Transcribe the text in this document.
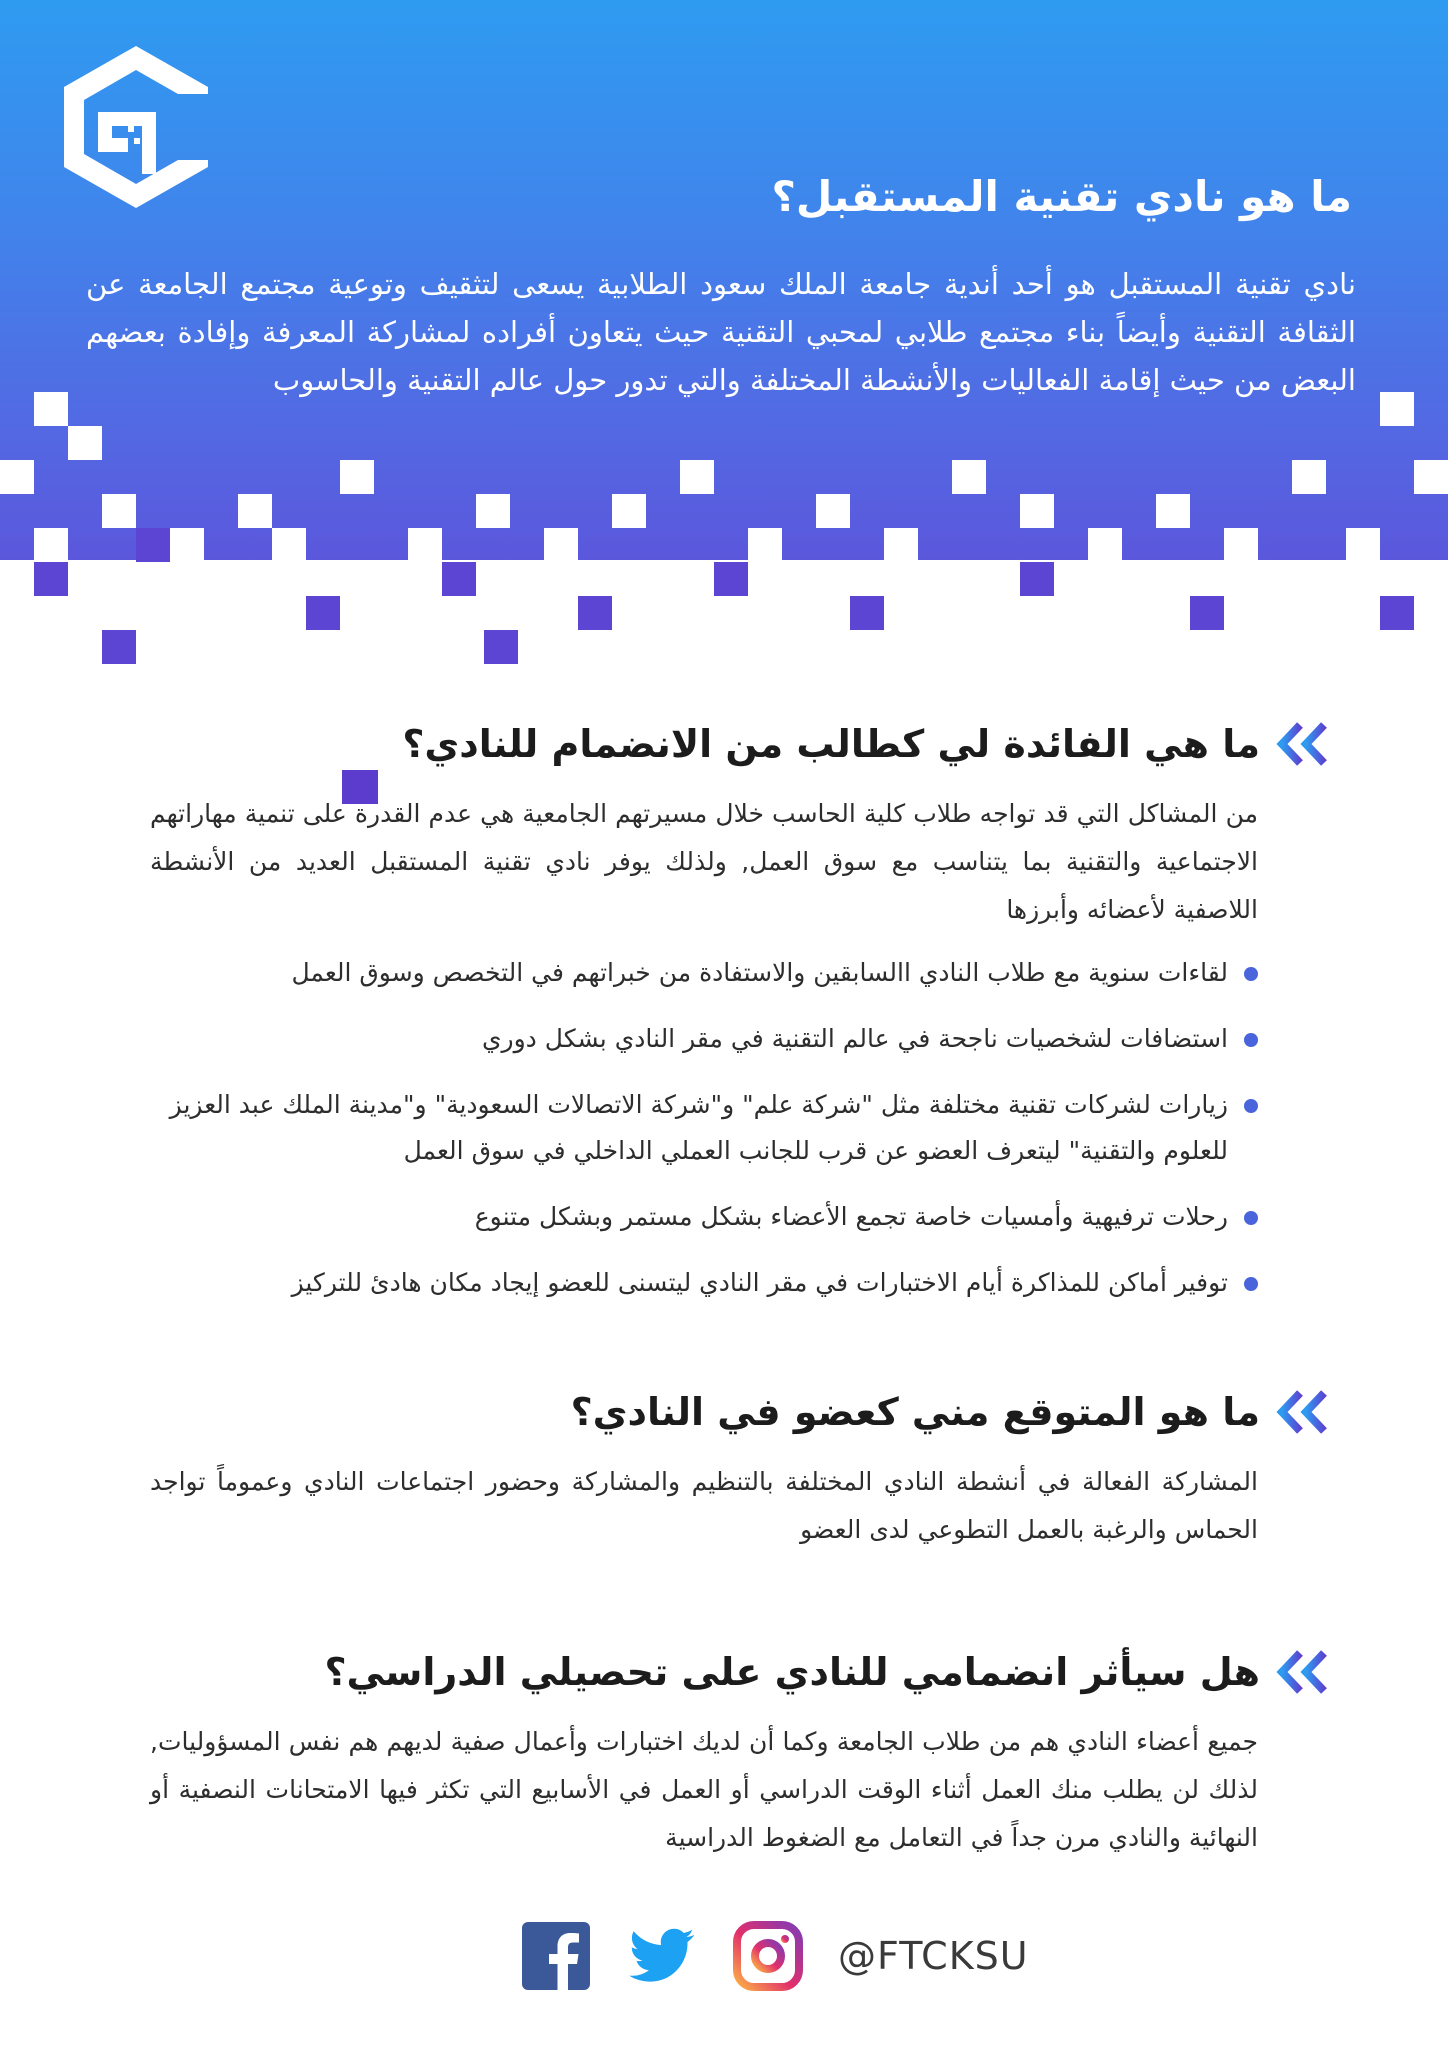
ما هو نادي تقنية المستقبل؟

نادي تقنية المستقبل هو أحد أندية جامعة الملك سعود الطلابية يسعى لتثقيف وتوعية مجتمع الجامعة عن الثقافة التقنية وأيضاً بناء مجتمع طلابي لمحبي التقنية حيث يتعاون أفراده لمشاركة المعرفة وإفادة بعضهم البعض من حيث إقامة الفعاليات والأنشطة المختلفة والتي تدور حول عالم التقنية والحاسوب

ما هي الفائدة لي كطالب من الانضمام للنادي؟

من المشاكل التي قد تواجه طلاب كلية الحاسب خلال مسيرتهم الجامعية هي عدم القدرة على تنمية مهاراتهم الاجتماعية والتقنية بما يتناسب مع سوق العمل, ولذلك يوفر نادي تقنية المستقبل العديد من الأنشطة اللاصفية لأعضائه وأبرزها

لقاءات سنوية مع طلاب النادي االسابقين والاستفادة من خبراتهم في التخصص وسوق العمل
استضافات لشخصيات ناجحة في عالم التقنية في مقر النادي بشكل دوري
زيارات لشركات تقنية مختلفة مثل "شركة علم" و"شركة الاتصالات السعودية" و"مدينة الملك عبد العزيز للعلوم والتقنية" ليتعرف العضو عن قرب للجانب العملي الداخلي في سوق العمل
رحلات ترفيهية وأمسيات خاصة تجمع الأعضاء بشكل مستمر وبشكل متنوع
توفير أماكن للمذاكرة أيام الاختبارات في مقر النادي ليتسنى للعضو إيجاد مكان هادئ للتركيز
ما هو المتوقع مني كعضو في النادي؟

المشاركة الفعالة في أنشطة النادي المختلفة بالتنظيم والمشاركة وحضور اجتماعات النادي وعموماً تواجد الحماس والرغبة بالعمل التطوعي لدى العضو

هل سيأثر انضمامي للنادي على تحصيلي الدراسي؟

جميع أعضاء النادي هم من طلاب الجامعة وكما أن لديك اختبارات وأعمال صفية لديهم هم نفس المسؤوليات, لذلك لن يطلب منك العمل أثناء الوقت الدراسي أو العمل في الأسابيع التي تكثر فيها الامتحانات النصفية أو النهائية والنادي مرن جداً في التعامل مع الضغوط الدراسية

@FTCKSU
